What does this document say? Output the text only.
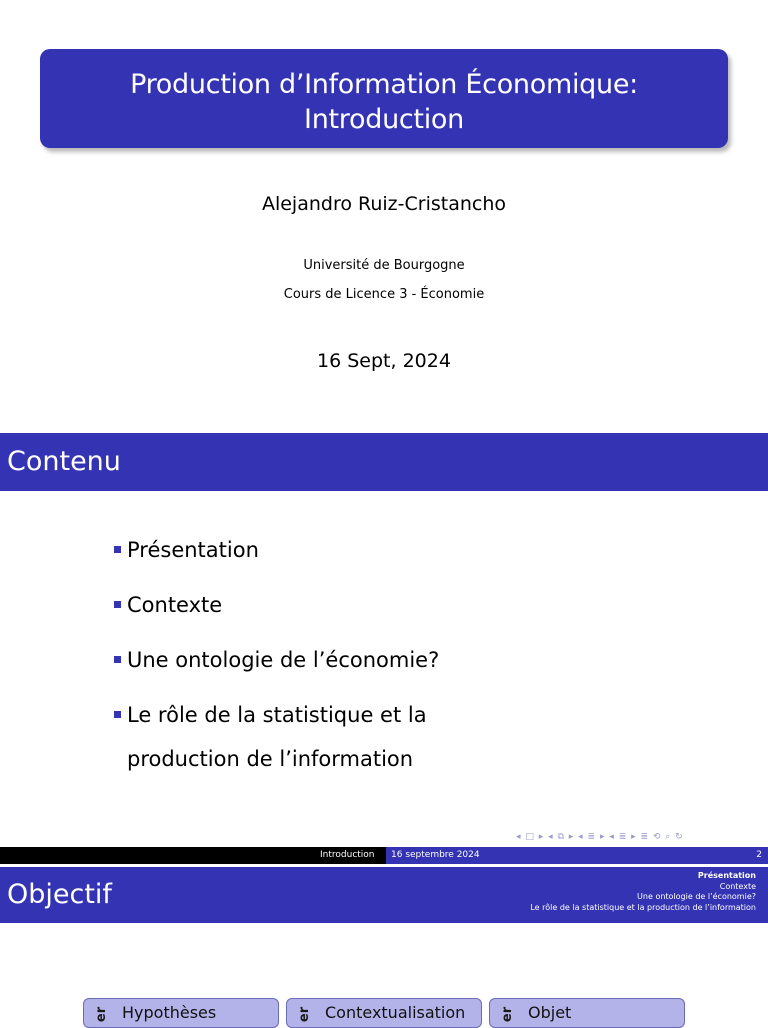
Production d’Information Économique:
Introduction
Alejandro Ruiz-Cristancho
Université de Bourgogne
Cours de Licence 3 - Économie
16 Sept, 2024
Contenu
Présentation
Contexte
Une ontologie de l’économie?
Le rôle de la statistique et la
production de l’information
◂ □ ▸ ◂ ⧉ ▸ ◂ ≣ ▸ ◂ ≣ ▸ ≣ ⟲ ⌕ ↻
Introduction	16 septembre 2024	2
Objectif
Présentation
Contexte
Une ontologie de l’économie?
Le rôle de la statistique et la production de l’information
er Hypothèses	er Contextualisation	er Objet
